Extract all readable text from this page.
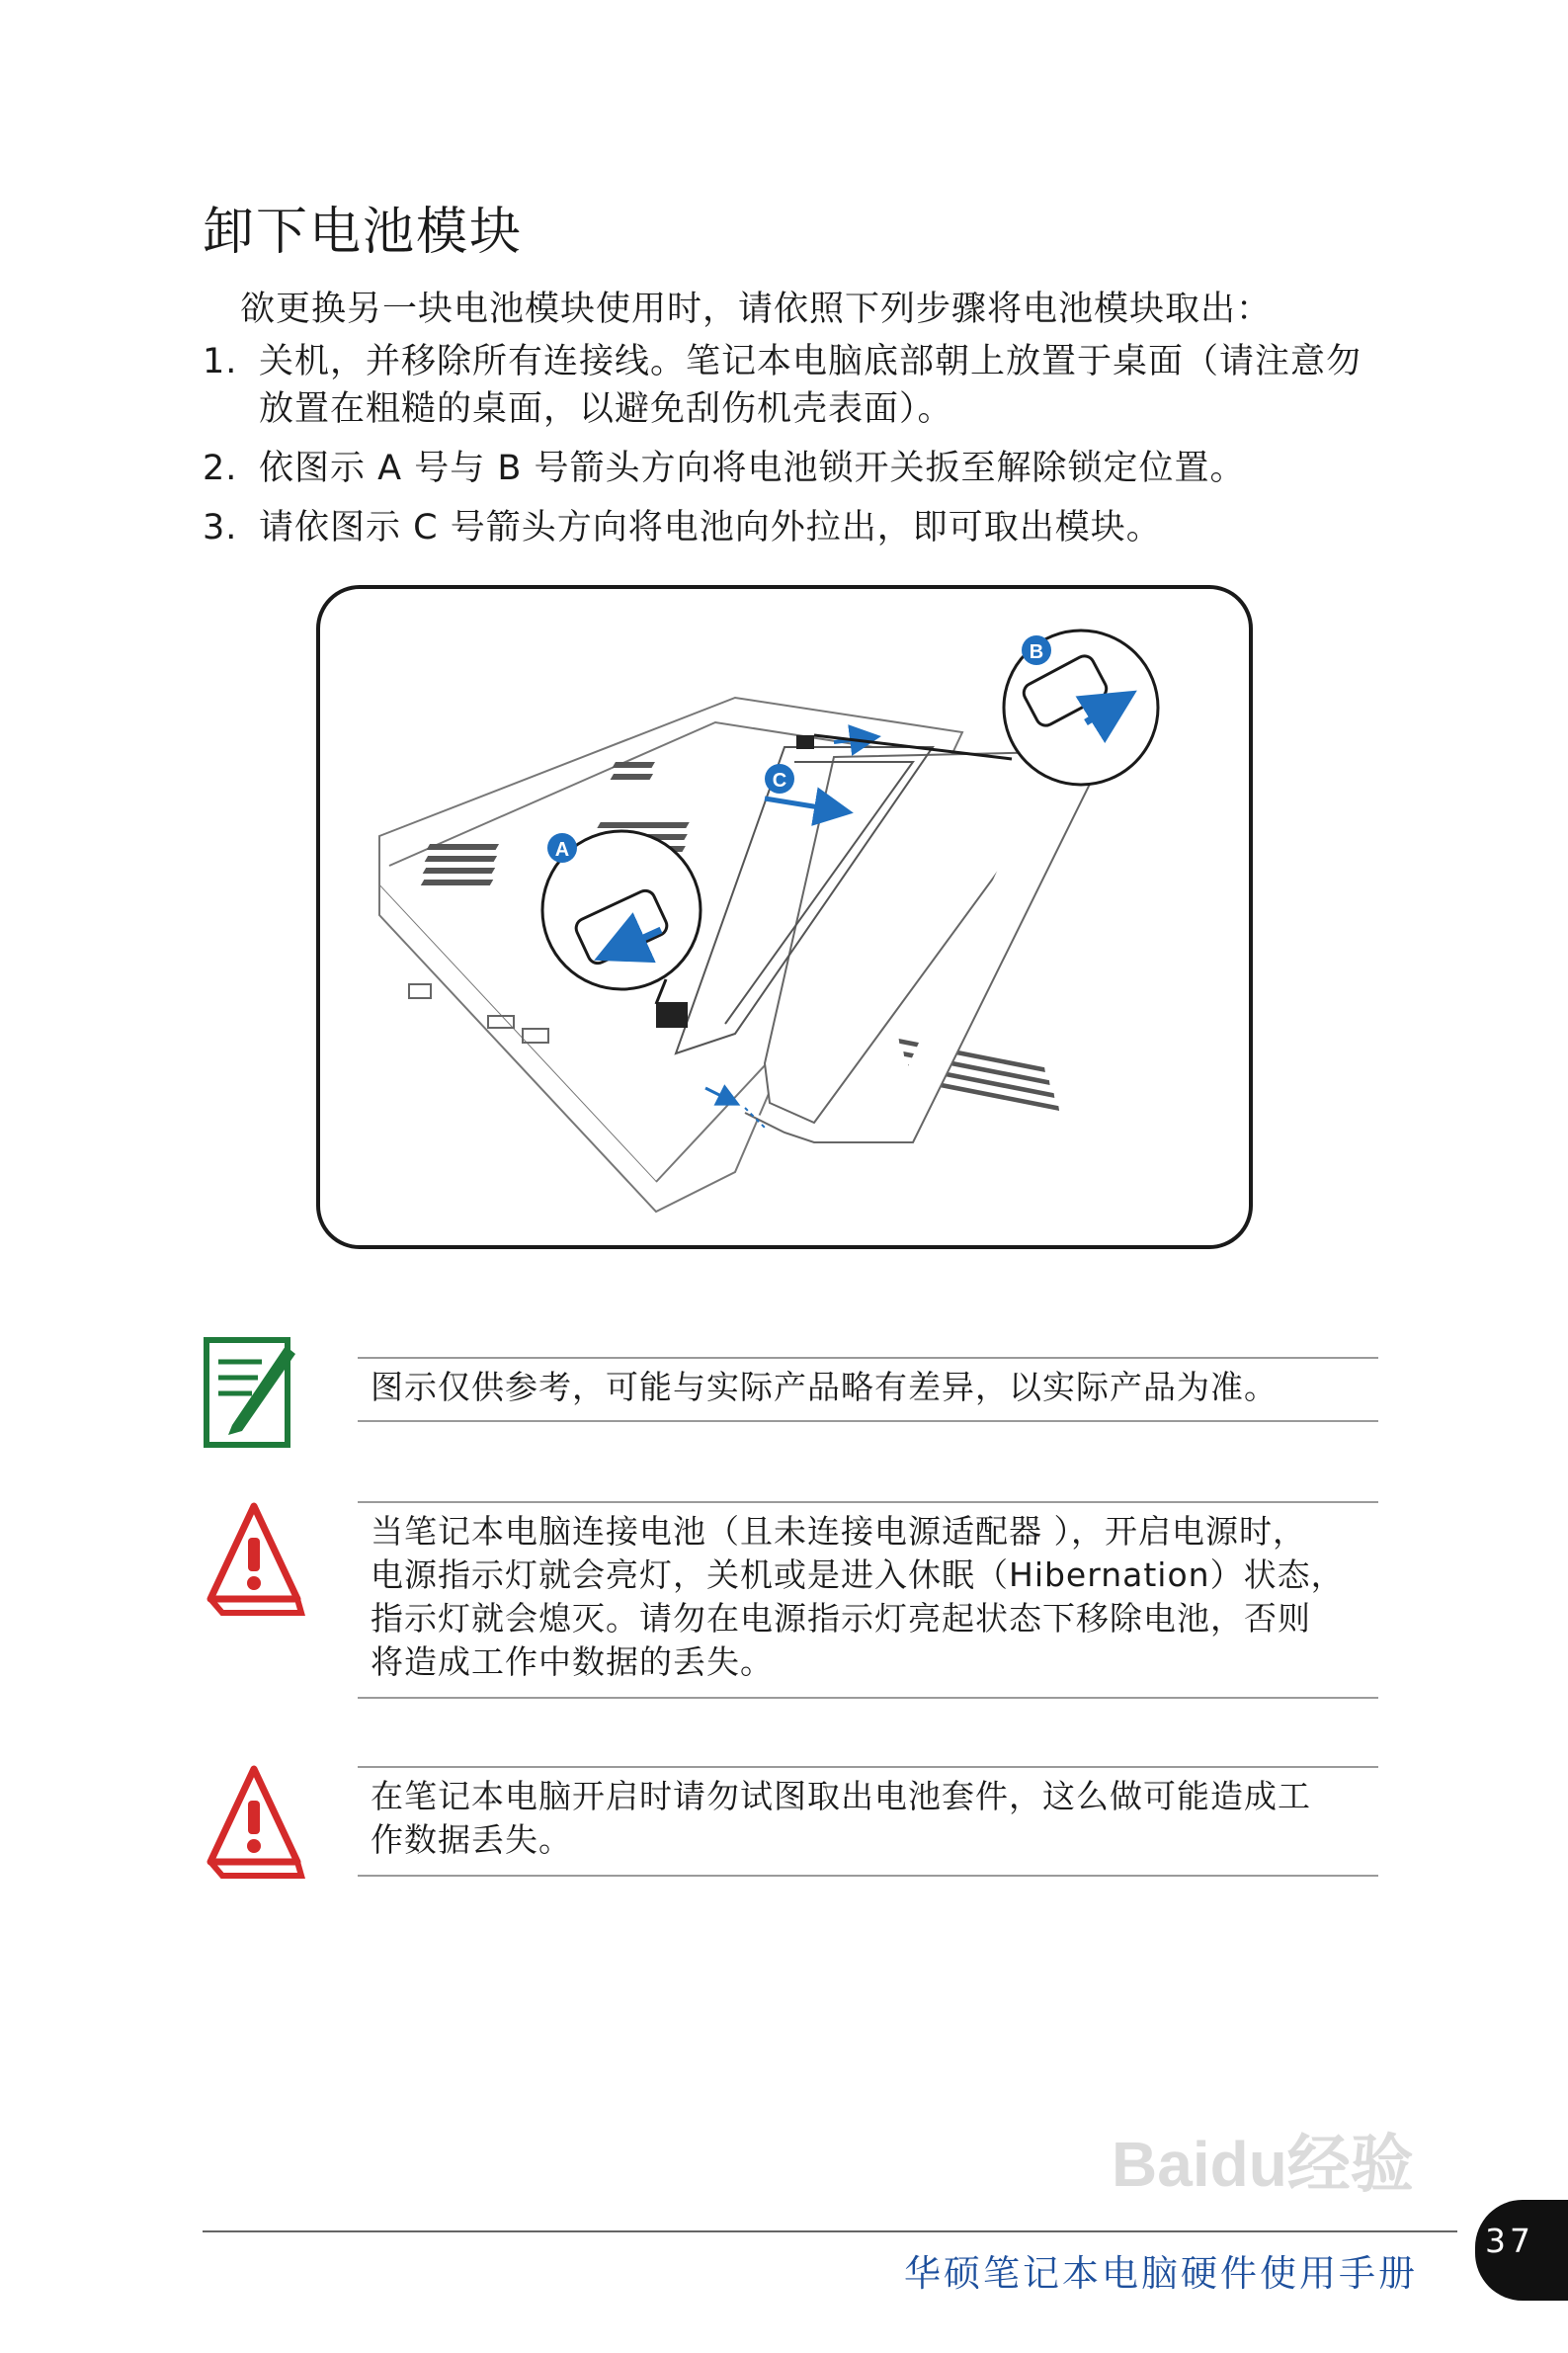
卸下电池模块
欲更换另一块电池模块使用时，请依照下列步骤将电池模块取出：
1. 关机，并移除所有连接线。笔记本电脑底部朝上放置于桌面（请注意勿
放置在粗糙的桌面，以避免刮伤机壳表面）。
2. 依图示 A 号与 B 号箭头方向将电池锁开关扳至解除锁定位置。
3. 请依图示 C 号箭头方向将电池向外拉出，即可取出模块。
A
B
C
图示仅供参考，可能与实际产品略有差异，以实际产品为准。
当笔记本电脑连接电池（且未连接电源适配器 ），开启电源时，
电源指示灯就会亮灯，关机或是进入休眠（Hibernation）状态，
指示灯就会熄灭。请勿在电源指示灯亮起状态下移除电池，否则
将造成工作中数据的丢失。
在笔记本电脑开启时请勿试图取出电池套件，这么做可能造成工
作数据丢失。
Baidu经验
华硕笔记本电脑硬件使用手册
37
